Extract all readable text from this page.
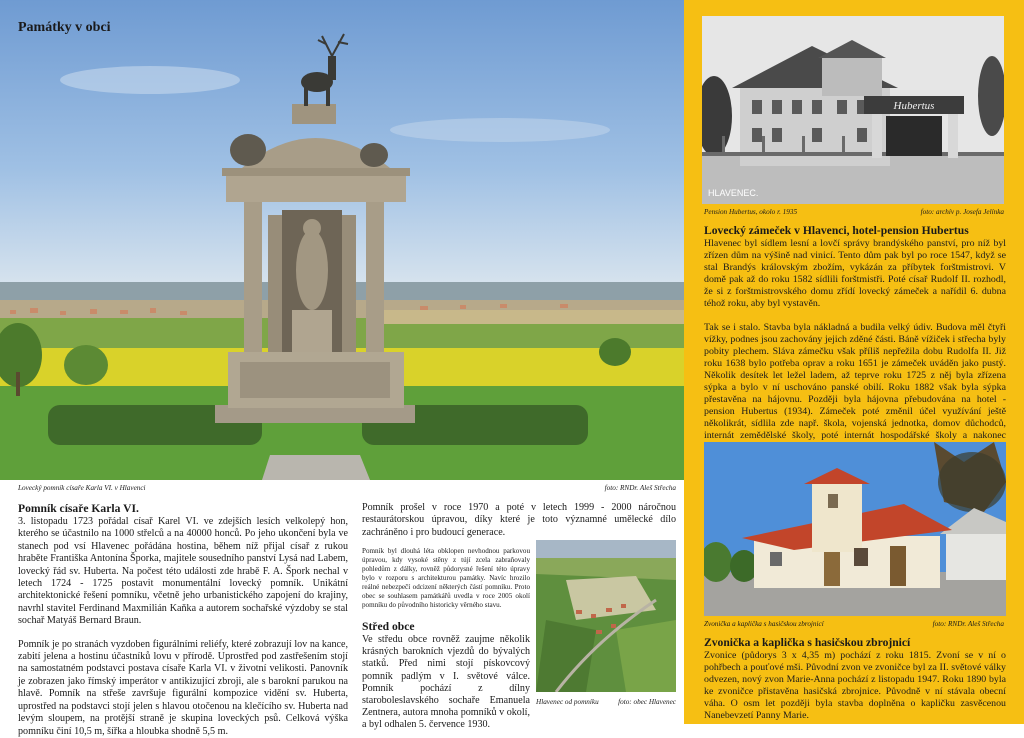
Památky v obci
Lovecký pomník císaře Karla VI. v Hlavenci	foto: RNDr. Aleš Střecha
Pomník císaře Karla VI.

3. listopadu 1723 pořádal císař Karel VI. ve zdejších lesích velkolepý hon, kterého se účastnilo na 1000 střelců a na 40000 honců. Po jeho ukončení byla ve stanech pod vsí Hlavenec pořádána hostina, během níž přijal císař z rukou hraběte Františka Antonína Šporka, majitele sousedního panství Lysá nad Labem, lovecký řád sv. Huberta. Na počest této události zde hrabě F. A. Špork nechal v letech 1724 - 1725 postavit monumentální lovecký pomník. Unikátní architektonické řešení pomníku, včetně jeho urbanistického zapojení do krajiny, navrhl stavitel Ferdinand Maxmilián Kaňka a autorem sochařské výzdoby se stal sochař Matyáš Bernard Braun.

Pomník je po stranách vyzdoben figurálními reliéfy, které zobrazují lov na kance, zabití jelena a hostinu účastníků lovu v přírodě. Uprostřed pod zastřešením stojí na samostatném podstavci postava císaře Karla VI. v životní velikosti. Panovník je zobrazen jako římský imperátor v antikizující zbroji, ale s barokní parukou na hlavě. Pomník na střeše završuje figurální kompozice vidění sv. Huberta, uprostřed na podstavci stojí jelen s hlavou otočenou na klečícího sv. Huberta nad levým sloupem, na protější straně je skupina loveckých psů. Celková výška pomníku činí 10,5 m, šířka a hloubka shodně 5,5 m.

Pomník prošel v roce 1970 a poté v letech 1999 - 2000 náročnou restaurátorskou úpravou, díky které je toto významné umělecké dílo zachráněno i pro budoucí generace.

Pomník byl dlouhá léta obklopen nevhodnou parkovou úpravou, kdy vysoké stěny z tújí zcela zabraňovaly pohledům z dálky, rovněž půdorysné řešení této úpravy bylo v rozporu s architekturou památky. Navíc hrozilo reálné nebezpečí odcizení některých částí pomníku. Proto obec se souhlasem památkářů uvedla v roce 2005 okolí pomníku do původního historicky věrného stavu.

Střed obce

Ve středu obce rovněž zaujme několik krásných barokních vjezdů do bývalých statků. Před nimi stojí pískovcový pomník padlým v I. světové válce. Pomník pochází z dílny staroboleslavského sochaře Emanuela Zentnera, autora mnoha pomníků v okolí, a byl odhalen 5. července 1930.

Hlavenec od pomníku	foto: obec Hlavenec
Hubertus
HLAVENEC.
Pension Hubertus, okolo r. 1935	foto: archív p. Josefa Jelínka
Lovecký zámeček v Hlavenci, hotel-pension Hubertus

Hlavenec byl sídlem lesní a lovčí správy brandýského panství, pro níž byl zřízen dům na výšině nad vinicí. Tento dům pak byl po roce 1547, když se stal Brandýs královským zbožím, vykázán za příbytek forštmistrovi. V domě pak až do roku 1582 sídlili forštmistři. Poté císař Rudolf II. rozhodl, že si z forštmistrovského domu zřídí lovecký zámeček a nařídil 6. dubna téhož roku, aby byl vystavěn.

Tak se i stalo. Stavba byla nákladná a budila velký údiv. Budova měl čtyři vížky, podnes jsou zachovány jejich zděné části. Báně vížiček i střecha byly pobity plechem. Sláva zámečku však příliš nepřežila dobu Rudolfa II. Již roku 1638 bylo potřeba oprav a roku 1651 je zámeček uváděn jako pustý. Několik desítek let ležel ladem, až teprve roku 1725 z něj byla zřízena sýpka a bylo v ní uschováno panské obilí. Roku 1882 však byla sýpka přestavěna na hájovnu. Později byla hájovna přebudována na hotel - pension Hubertus (1934). Zámeček poté změnil účel využívání ještě několikrát, sídlila zde např. škola, vojenská jednotka, domov důchodců, internát zemědělské školy, poté internát hospodářské školy a nakonec

Zvonička a kaplička s hasičskou zbrojnicí	foto: RNDr. Aleš Střecha
Zvonička a kaplička s hasičskou zbrojnicí

Zvonice (půdorys 3 x 4,35 m) pochází z roku 1815. Zvoní se v ní o pohřbech a pouťové mši. Původní zvon ve zvoničce byl za II. světové války odvezen, nový zvon Marie-Anna pochází z listopadu 1947. Roku 1890 byla ke zvoničce přistavěna hasičská zbrojnice. Původně v ní stávala obecní váha. O osm let později byla stavba doplněna o kapličku zasvěcenou Nanebevzetí Panny Marie.
